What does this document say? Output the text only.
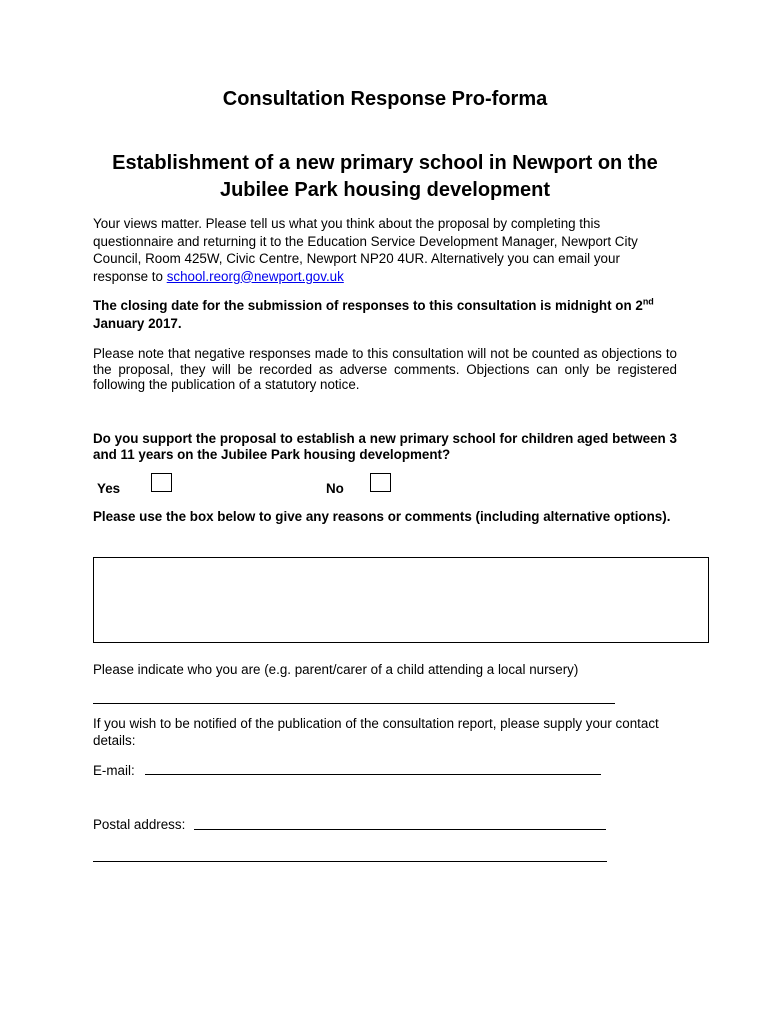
Consultation Response Pro-forma
Establishment of a new primary school in Newport on the
Jubilee Park housing development
Your views matter. Please tell us what you think about the proposal by completing this questionnaire and returning it to the Education Service Development Manager, Newport City Council, Room 425W, Civic Centre, Newport NP20 4UR. Alternatively you can email your response to school.reorg@newport.gov.uk
The closing date for the submission of responses to this consultation is midnight on 2nd January 2017.
Please note that negative responses made to this consultation will not be counted as objections to the proposal, they will be recorded as adverse comments. Objections can only be registered following the publication of a statutory notice.
Do you support the proposal to establish a new primary school for children aged between 3 and 11 years on the Jubilee Park housing development?
Yes	No
Please use the box below to give any reasons or comments (including alternative options).
Please indicate who you are (e.g. parent/carer of a child attending a local nursery)
If you wish to be notified of the publication of the consultation report, please supply your contact details:
E-mail:
Postal address:
